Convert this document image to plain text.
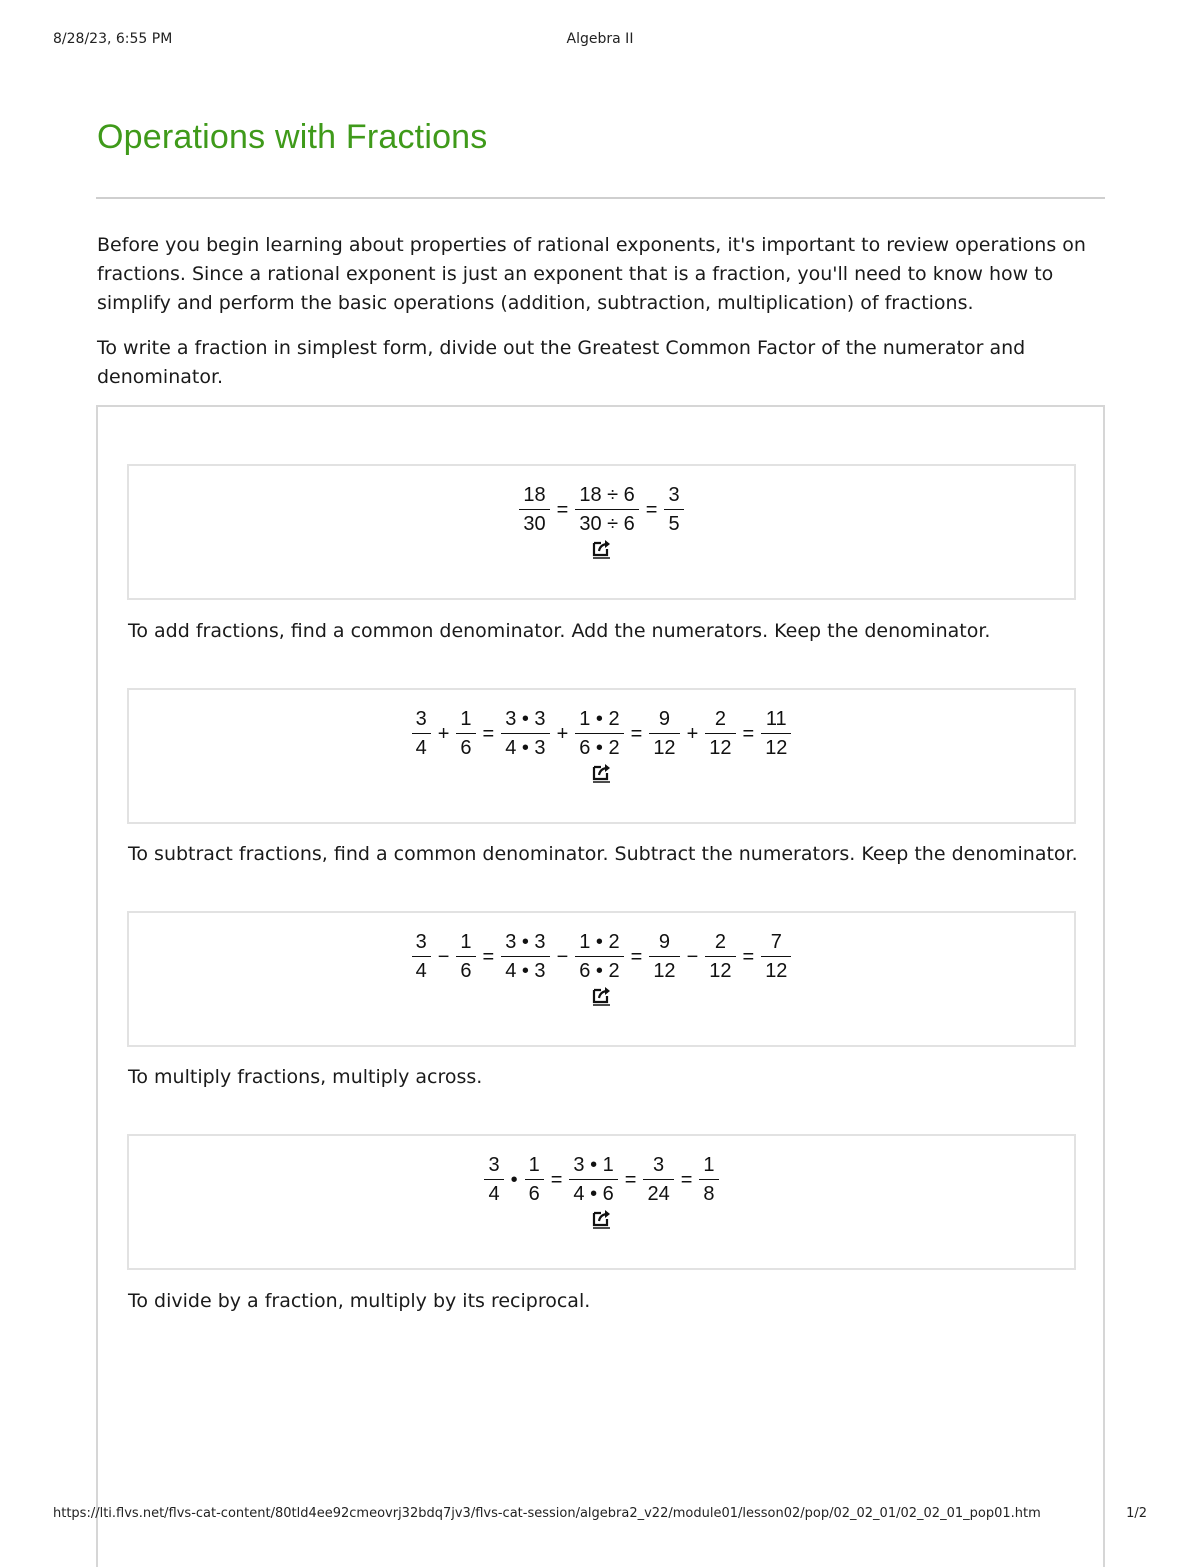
8/28/23, 6:55 PM	Algebra II
Operations with Fractions

Before you begin learning about properties of rational exponents, it's important to review operations on fractions. Since a rational exponent is just an exponent that is a fraction, you'll need to know how to simplify and perform the basic operations (addition, subtraction, multiplication) of fractions.

To write a fraction in simplest form, divide out the Greatest Common Factor of the numerator and denominator.

$\frac{18}{30} = \frac{18 \div 6}{30 \div 6} = \frac{3}{5}$

To add fractions, find a common denominator. Add the numerators. Keep the denominator.

$\frac{3}{4} + \frac{1}{6} = \frac{3 • 3}{4 • 3} + \frac{1 • 2}{6 • 2} = \frac{9}{12} + \frac{2}{12} = \frac{11}{12}$

To subtract fractions, find a common denominator. Subtract the numerators. Keep the denominator.

$\frac{3}{4} - \frac{1}{6} = \frac{3 • 3}{4 • 3} - \frac{1 • 2}{6 • 2} = \frac{9}{12} - \frac{2}{12} = \frac{7}{12}$

To multiply fractions, multiply across.

$\frac{3}{4}$ • $\frac{1}{6} = \frac{3 • 1}{4 • 6} = \frac{3}{24} = \frac{1}{8}$

To divide by a fraction, multiply by its reciprocal.

https://lti.flvs.net/flvs-cat-content/80tld4ee92cmeovrj32bdq7jv3/flvs-cat-session/algebra2_v22/module01/lesson02/pop/02_02_01/02_02_01_pop01.htm	1/2
